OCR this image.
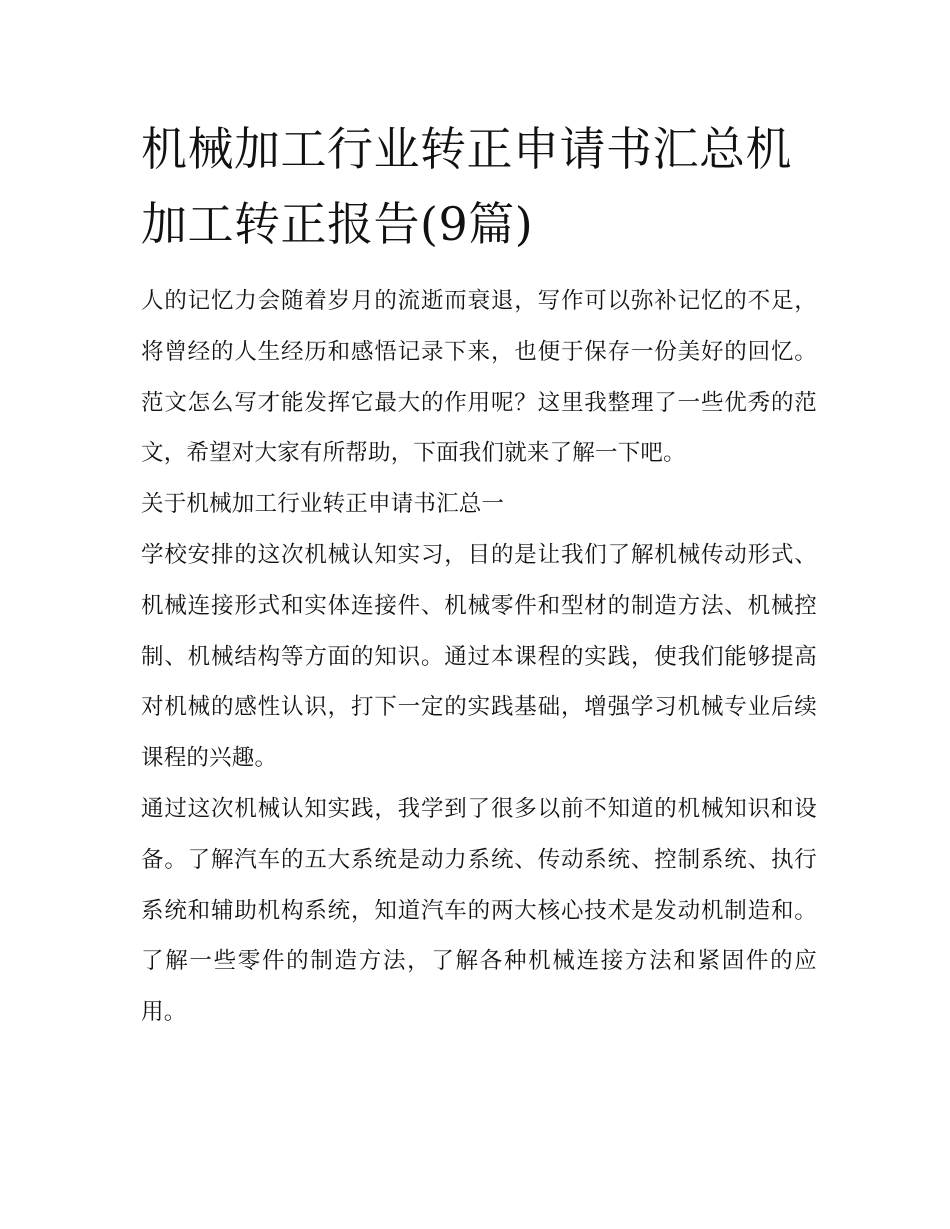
机械加工行业转正申请书汇总机加工转正报告(9篇)

人的记忆力会随着岁月的流逝而衰退，写作可以弥补记忆的不足，将曾经的人生经历和感悟记录下来，也便于保存一份美好的回忆。范文怎么写才能发挥它最大的作用呢？这里我整理了一些优秀的范文，希望对大家有所帮助，下面我们就来了解一下吧。

关于机械加工行业转正申请书汇总一

学校安排的这次机械认知实习，目的是让我们了解机械传动形式、机械连接形式和实体连接件、机械零件和型材的制造方法、机械控制、机械结构等方面的知识。通过本课程的实践，使我们能够提高对机械的感性认识，打下一定的实践基础，增强学习机械专业后续课程的兴趣。

通过这次机械认知实践，我学到了很多以前不知道的机械知识和设备。了解汽车的五大系统是动力系统、传动系统、控制系统、执行系统和辅助机构系统，知道汽车的两大核心技术是发动机制造和。了解一些零件的制造方法，了解各种机械连接方法和紧固件的应用。
